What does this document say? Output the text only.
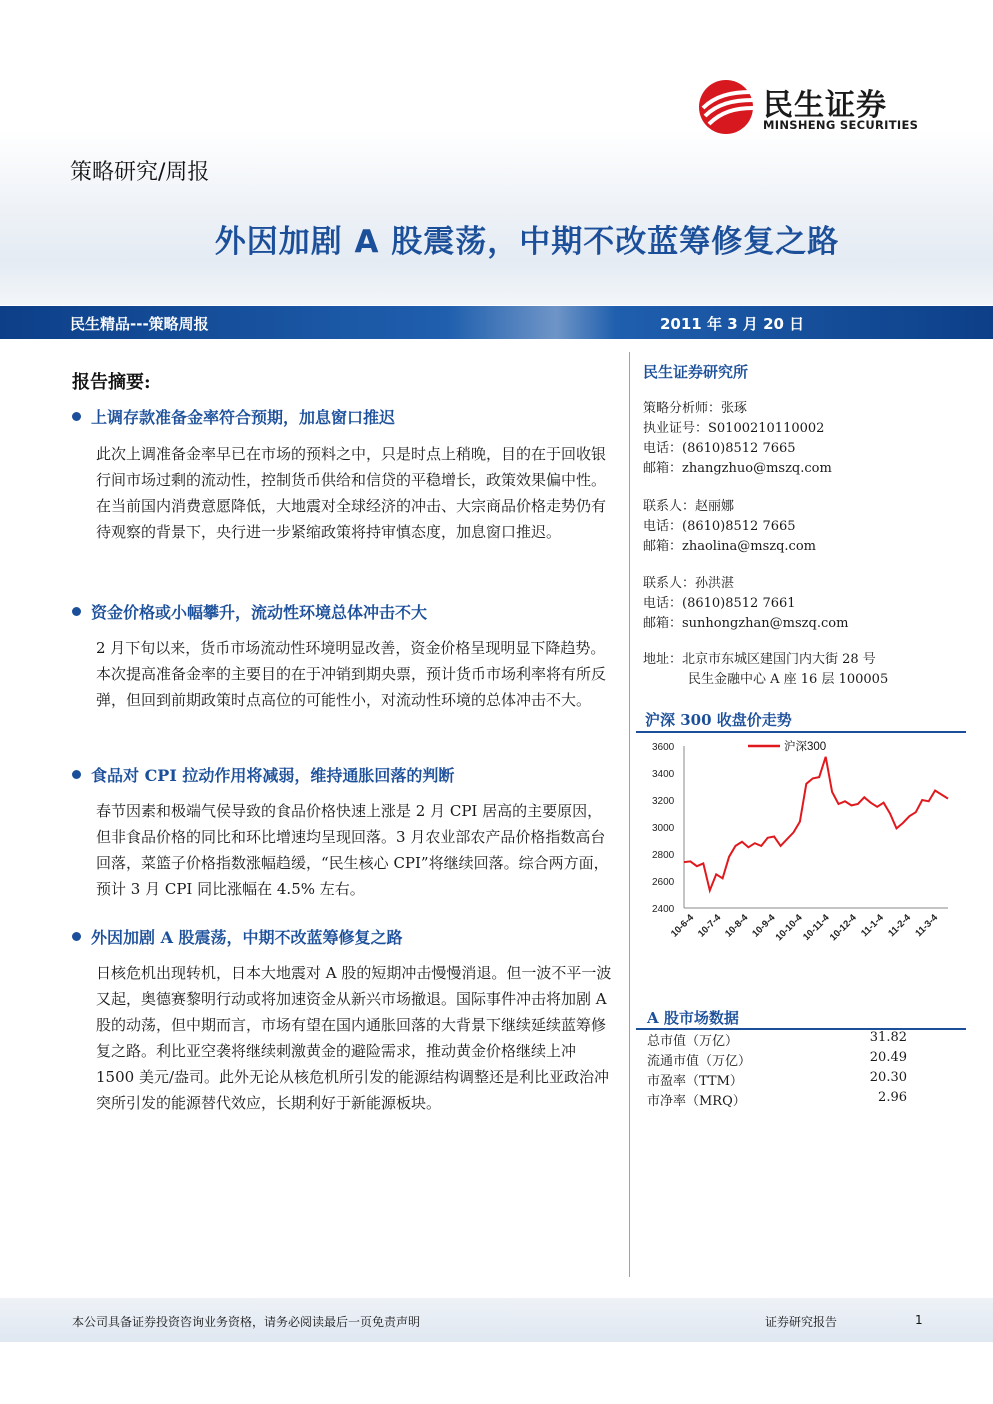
民生证券
MINSHENG SECURITIES
策略研究/周报
外因加剧 A 股震荡，中期不改蓝筹修复之路
民生精品---策略周报	2011 年 3 月 20 日
报告摘要:
上调存款准备金率符合预期，加息窗口推迟
此次上调准备金率早已在市场的预料之中，只是时点上稍晚，目的在于回收银行间市场过剩的流动性，控制货币供给和信贷的平稳增长，政策效果偏中性。在当前国内消费意愿降低，大地震对全球经济的冲击、大宗商品价格走势仍有待观察的背景下，央行进一步紧缩政策将持审慎态度，加息窗口推迟。
资金价格或小幅攀升，流动性环境总体冲击不大
2 月下旬以来，货币市场流动性环境明显改善，资金价格呈现明显下降趋势。本次提高准备金率的主要目的在于冲销到期央票，预计货币市场利率将有所反弹，但回到前期政策时点高位的可能性小，对流动性环境的总体冲击不大。
食品对 CPI 拉动作用将减弱，维持通胀回落的判断
春节因素和极端气侯导致的食品价格快速上涨是 2 月 CPI 居高的主要原因，但非食品价格的同比和环比增速均呈现回落。3 月农业部农产品价格指数高台回落，菜篮子价格指数涨幅趋缓，“民生核心 CPI”将继续回落。综合两方面，预计 3 月 CPI 同比涨幅在 4.5% 左右。
外因加剧 A 股震荡，中期不改蓝筹修复之路
日核危机出现转机，日本大地震对 A 股的短期冲击慢慢消退。但一波不平一波又起，奥德赛黎明行动或将加速资金从新兴市场撤退。国际事件冲击将加剧 A 股的动荡，但中期而言，市场有望在国内通胀回落的大背景下继续延续蓝筹修复之路。利比亚空袭将继续刺激黄金的避险需求，推动黄金价格继续上冲 1500 美元/盎司。此外无论从核危机所引发的能源结构调整还是利比亚政治冲突所引发的能源替代效应，长期利好于新能源板块。
民生证券研究所
策略分析师：张琢
执业证号：S0100210110002
电话：(8610)8512 7665
邮箱：zhangzhuo@mszq.com
联系人：赵丽娜
电话：(8610)8512 7665
邮箱：zhaolina@mszq.com
联系人：孙洪湛
电话：(8610)8512 7661
邮箱：sunhongzhan@mszq.com
地址：北京市东城区建国门内大街 28 号
民生金融中心 A 座 16 层 100005
沪深 300 收盘价走势
2400
2600
2800
3000
3200
3400
3600
10-6-4 10-7-4 10-8-4 10-9-4
10-10-4
10-11-4
10-12-4 11-1-4 11-2-4 11-3-4
沪深300
A 股市场数据
总市值（万亿）	31.82
流通市值（万亿）	20.49
市盈率（TTM）	20.30
市净率（MRQ）	2.96
本公司具备证券投资咨询业务资格，请务必阅读最后一页免责声明	证券研究报告	1
